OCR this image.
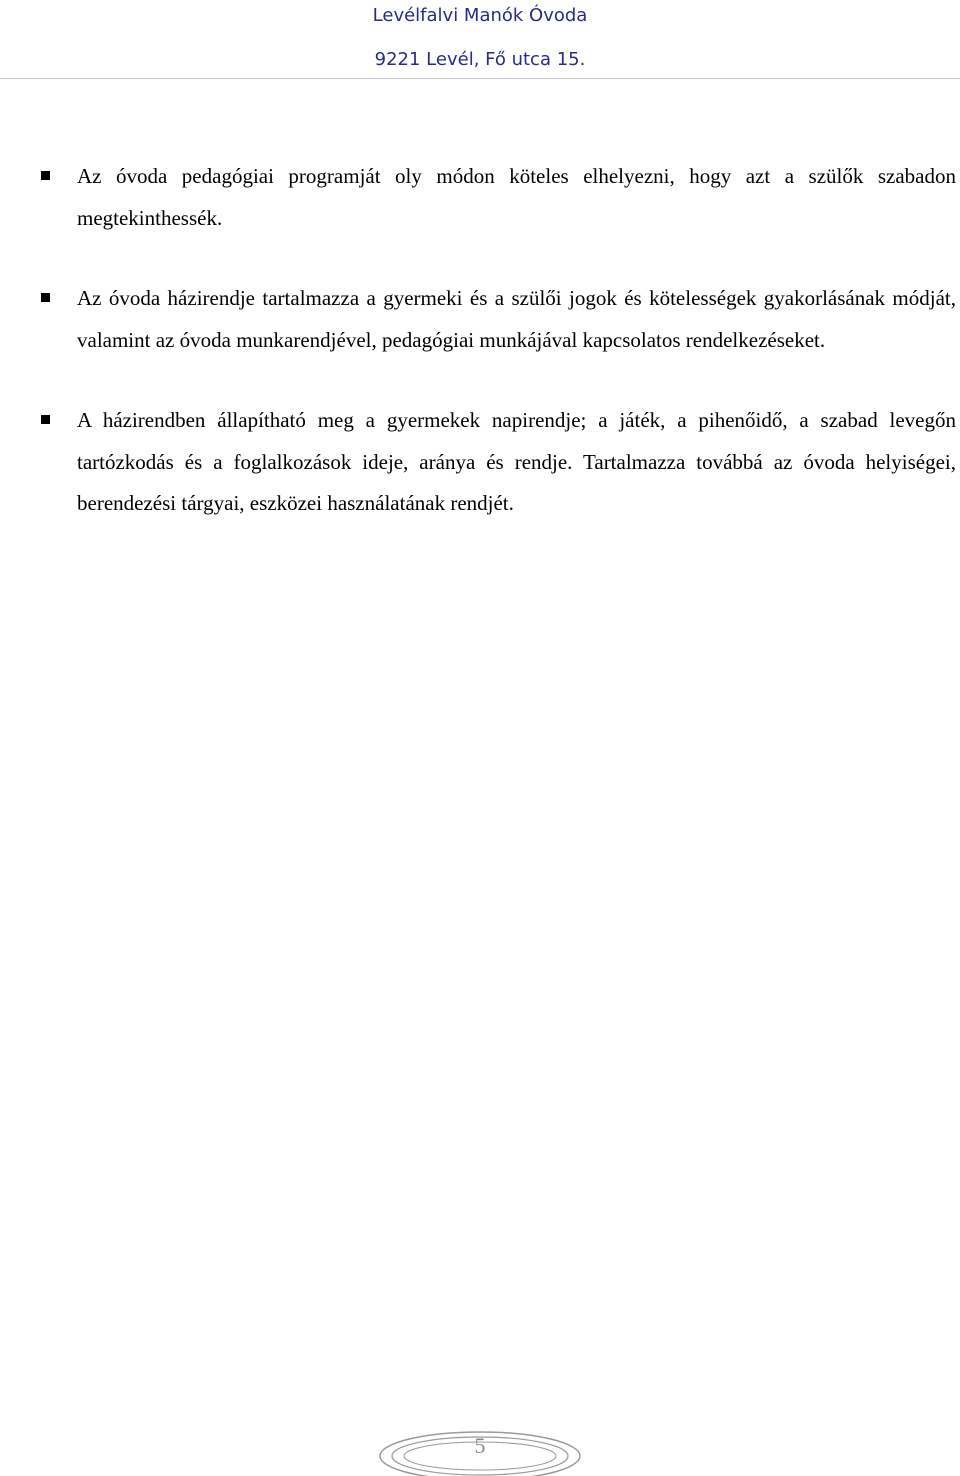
Levélfalvi Manók Óvoda
9221 Levél, Fő utca 15.
Az óvoda pedagógiai programját oly módon köteles elhelyezni, hogy azt a szülők szabadon megtekinthessék.
Az óvoda házirendje tartalmazza a gyermeki és a szülői jogok és kötelességek gyakorlásának módját, valamint az óvoda munkarendjével, pedagógiai munkájával kapcsolatos rendelkezéseket.
A házirendben állapítható meg a gyermekek napirendje; a játék, a pihenőidő, a szabad levegőn tartózkodás és a foglalkozások ideje, aránya és rendje. Tartalmazza továbbá az óvoda helyiségei, berendezési tárgyai, eszközei használatának rendjét.
5
